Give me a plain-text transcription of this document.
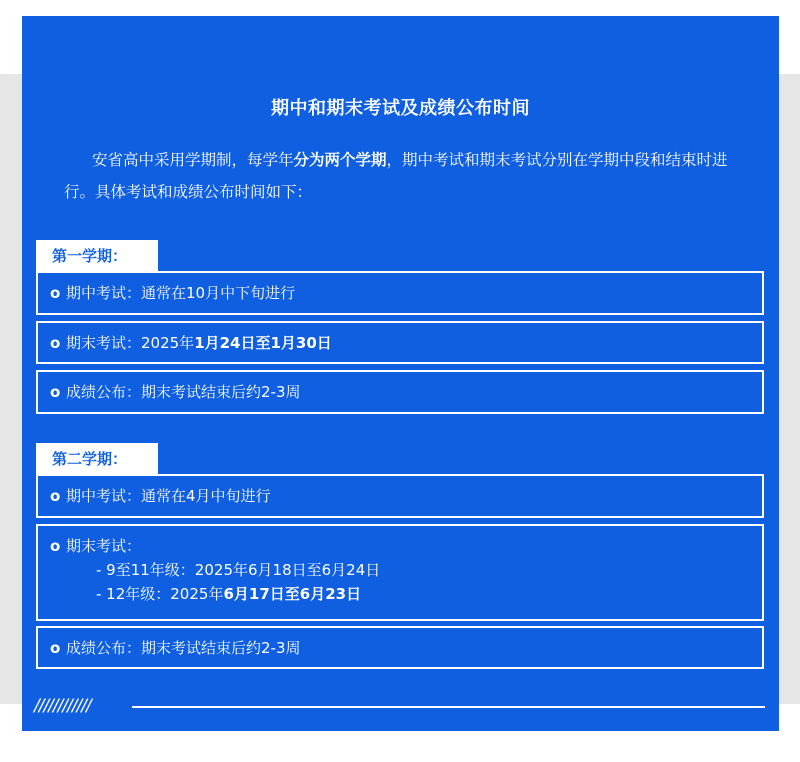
期中和期末考试及成绩公布时间
安省高中采用学期制，每学年分为两个学期，期中考试和期末考试分别在学期中段和结束时进行。具体考试和成绩公布时间如下：
第一学期：
o 期中考试：通常在10月中下旬进行
o 期末考试：2025年1月24日至1月30日
o 成绩公布：期末考试结束后约2-3周
第二学期：
o 期中考试：通常在4月中旬进行
o 期末考试：
- 9至11年级：2025年6月18日至6月24日
- 12年级：2025年6月17日至6月23日
o 成绩公布：期末考试结束后约2-3周
////////////
